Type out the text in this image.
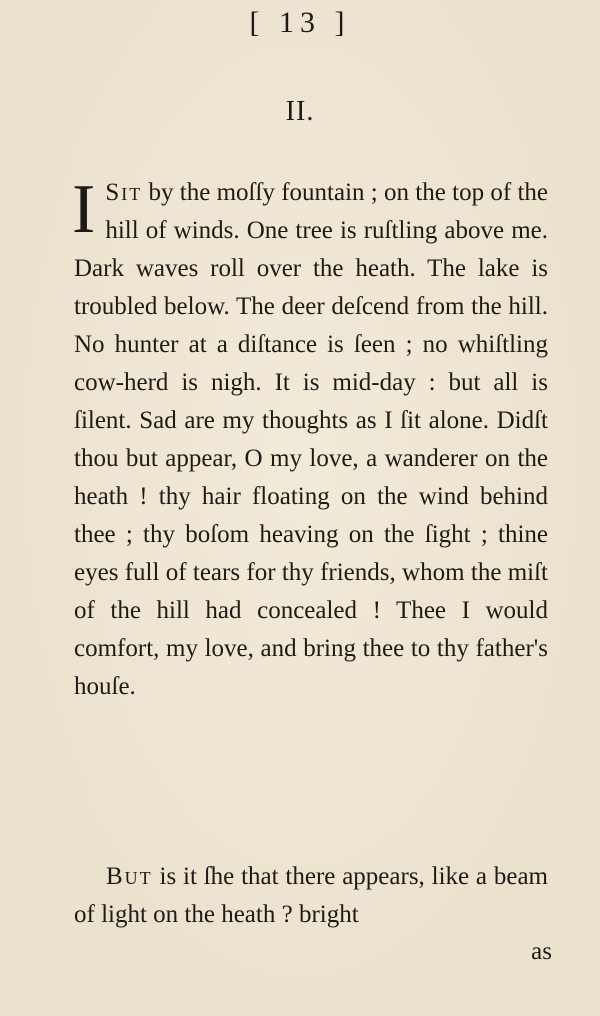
[ 13 ]
II.
I Sit by the moſſy fountain ; on the top of the hill of winds. One tree is ruſtling above me. Dark waves roll over the heath. The lake is troubled below. The deer deſcend from the hill. No hunter at a diſtance is ſeen ; no whiſtling cow-herd is nigh. It is mid-day : but all is ſilent. Sad are my thoughts as I ſit alone. Didſt thou but appear, O my love, a wanderer on the heath ! thy hair floating on the wind behind thee ; thy boſom heaving on the ſight ; thine eyes full of tears for thy friends, whom the miſt of the hill had concealed ! Thee I would comfort, my love, and bring thee to thy father's houſe.
But is it ſhe that there appears, like a beam of light on the heath ? bright
as
